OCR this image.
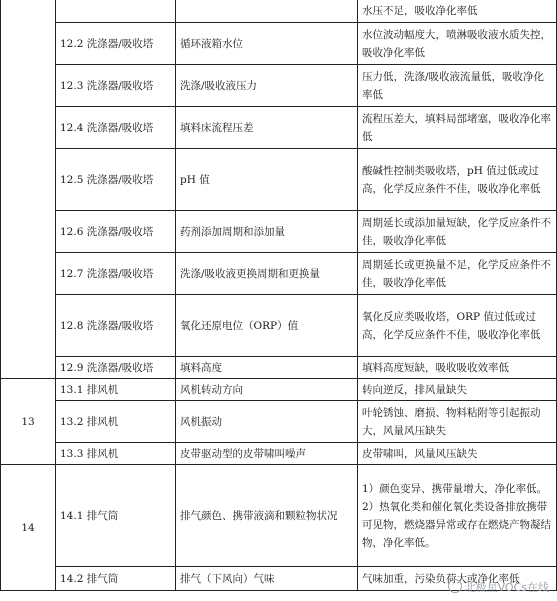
			水压不足，吸收净化率低
	12.2 洗涤器/吸收塔	循环液箱水位	水位波动幅度大，喷淋吸收液水质失控，吸收净化率低
	12.3 洗涤器/吸收塔	洗涤/吸收液压力	压力低，洗涤/吸收液流量低，吸收净化率低
	12.4 洗涤器/吸收塔	填料床流程压差	流程压差大，填料局部堵塞，吸收净化率低
	12.5 洗涤器/吸收塔	pH 值	酸碱性控制类吸收塔，pH 值过低或过高，化学反应条件不佳，吸收净化率低
	12.6 洗涤器/吸收塔	药剂添加周期和添加量	周期延长或添加量短缺，化学反应条件不佳，吸收净化率低
	12.7 洗涤器/吸收塔	洗涤/吸收液更换周期和更换量	周期延长或更换量不足，化学反应条件不佳，吸收净化率低
	12.8 洗涤器/吸收塔	氧化还原电位（ORP）值	氧化反应类吸收塔，ORP 值过低或过高，化学反应条件不佳，吸收净化率低
	12.9 洗涤器/吸收塔	填料高度	填料高度短缺，吸收吸收效率低
13	13.1 排风机	风机转动方向	转向逆反，排风量缺失
	13.2 排风机	风机振动	叶轮锈蚀、磨损、物料粘附等引起振动大，风量风压缺失
	13.3 排风机	皮带驱动型的皮带啸叫噪声	皮带啸叫，风量风压缺失
14	14.1 排气筒	排气颜色、携带液滴和颗粒物状况	1）颜色变异、携带量增大，净化率低。2）热氧化类和催化氧化类设备排放携带可见物，燃烧器异常或存在燃烧产物凝结物，净化率低。
	14.2 排气筒	排气（下风向）气味	气味加重，污染负荷大或净化率低
北极星VOCs在线
